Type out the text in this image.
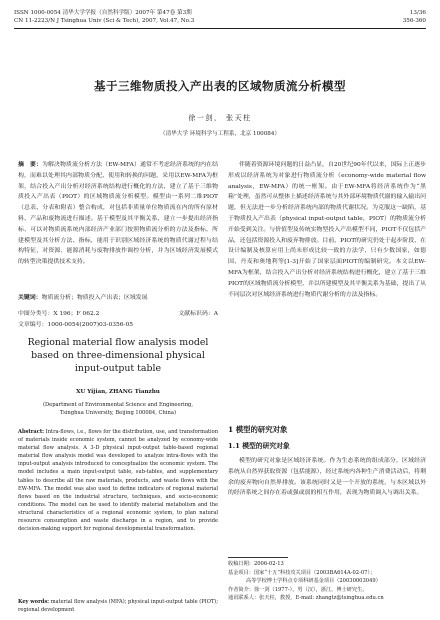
ISSN 1000-0054 清华大学学报（自然科学版）2007年 第47卷 第3期
CN 11-2223/N J Tsinghua Univ (Sci & Tech), 2007, Vol.47, No.3
13/36
356-360
基于三维物质投入产出表的区域物质流分析模型
徐一剑， 张天柱
（清华大学 环境科学与工程系，北京 100084）
摘　要：为解决物质流分析方法（EW-MFA）通常不考虑经济系统的内在结构，而难以处理其内部物质分配、使用和转换的问题，采用以EW-MFA为框架，结合投入产出分析对经济系统结构进行概化的方法，建立了基于三维物质投入产出表（PIOT）的区域物质流分析模型。模型由一系列二维PIOT（总表、分表和附表）整合构成，对包括非质量单位物质流在内的所有原材料、产品和废物流进行描述。基于模型及其平衡关系，建立一步提出经济指标、可以对物质流系统内部经济产业部门按照物质流分析的方法及指标，所建模型及其分析方法、指标，能用于识别区域经济系统的物质代谢过程与结构特征，对资源、能源消耗与废物排放作调控分析，并为区域经济发展模式的转型决策提供技术支持。
关键词：物质流分析；物质投入产出表；区域发展
中图分类号：X 196；F 062.2	文献标识码：A
文章编号：1000-0054(2007)03-0356-05
Regional material flow analysis model
based on three-dimensional physical
input-output table
XU Yijian, ZHANG Tianzhu
(Department of Environmental Science and Engineering,
Tsinghua University, Beijing 100084, China)
Abstract: Intra-flows, i.e., flows for the distribution, use, and transformation of materials inside economic system, cannot be analyzed by economy-wide material flow analysis. A 3-D physical input-output table-based regional material flow analysis model was developed to analyze intra-flows with the input-output analysis introduced to conceptualize the economic system. The model includes a main input-output table, sub-tables, and supplementary tables to describe all the raw materials, products, and waste flows with the EW-MFA. The model was also used to define indicators of regional material flows based on the industrial structure, techniques, and socio-economic conditions. The model can be used to identify material metabolism and the structural characteristics of a regional economic system, to plan natural resource consumption and waste discharge in a region, and to provide decision-making support for regional developmental transformation.
Key words: material flow analysis (MFA); physical input-output table (PIOT); regional development

伴随着资源环境问题的日益凸显，自20世纪90年代以来，国际上正逐步形成以经济系统为对象进行物质流分析（economy-wide material flow analysis，EW-MFA）的统一框架。由于EW-MFA将经济系统作为“黑箱”处理，虽然可从整体上描述经济系统与其外部环境物质代谢的输入输出问题，但无法进一步分析经济系统内部的物质代谢状况。为克服这一缺陷，基于物质投入产出表（physical input-output table，PIOT）的物质流分析开始受到关注。与价值型及传统实物型投入产出模型不同，PIOT不仅包括产品，还包括资源投入和废弃物排放。目前，PIOT的研究仍处于起步阶段，在设计编制及核算应用上尚未形成比较一致的方法学，只有少数国家，如德国、丹麦和奥地利等[1-3]开始了国家层面PIOT的编制研究。本文以EW-MFA为框架，结合投入产出分析对经济系统结构进行概化，建立了基于三维PIOT的区域物质流分析模型，并以所建模型及其平衡关系为基础，提出了从不同层次对区域经济系统进行物质代谢分析的方法及指标。

1 模型的研究对象
1.1 模型的研究对象

模型的研究对象是区域经济系统。作为生态系统的组成部分，区域经济系统从自然界获取资源（包括能源），经过系统内各种生产消费活动后，将剩余的废弃物向自然界排放。该系统同时又是一个开放的系统，与本区域以外的经济系统之间存在着或强或弱的相互作用，表现为物质调入与调出关系。

收稿日期：2006-02-13
基金项目：国家“十五”科技攻关项目（2003BA614A-02-07）；
高等学校博士学科点专项科研基金项目（20030003049）
作者简介：徐一剑（1977-），男（汉），浙江，博士研究生。
通讯联系人：张天柱，教授，E-mail: zhangtz@tsinghua.edu.cn
